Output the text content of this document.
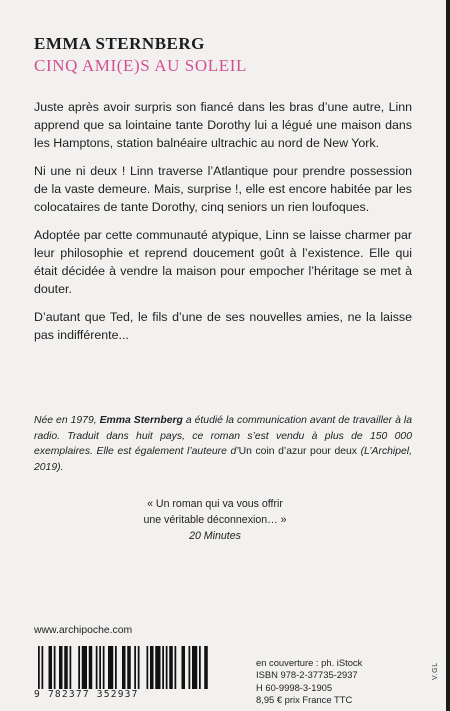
EMMA STERNBERG
CINQ AMI(E)S AU SOLEIL

Juste après avoir surpris son fiancé dans les bras d’une autre, Linn apprend que sa lointaine tante Dorothy lui a légué une maison dans les Hamptons, station balnéaire ultrachic au nord de New York.

Ni une ni deux ! Linn traverse l’Atlantique pour prendre possession de la vaste demeure. Mais, surprise !, elle est encore habitée par les colocataires de tante Dorothy, cinq seniors un rien loufoques.

Adoptée par cette communauté atypique, Linn se laisse charmer par leur philosophie et reprend doucement goût à l’existence. Elle qui était décidée à vendre la maison pour empocher l’héritage se met à douter.

D’autant que Ted, le fils d’une de ses nouvelles amies, ne la laisse pas indifférente...

Née en 1979, Emma Sternberg a étudié la communication avant de travailler à la radio. Traduit dans huit pays, ce roman s’est vendu à plus de 150 000 exemplaires. Elle est également l’auteure d’Un coin d’azur pour deux (L’Archipel, 2019).

« Un roman qui va vous offrir
une véritable déconnexion… »
20 Minutes
www.archipoche.com
9 782377 352937
en couverture : ph. iStock
ISBN 978-2-37735-2937
H 60-9998-3-1905
8,95 € prix France TTC
V.GL
